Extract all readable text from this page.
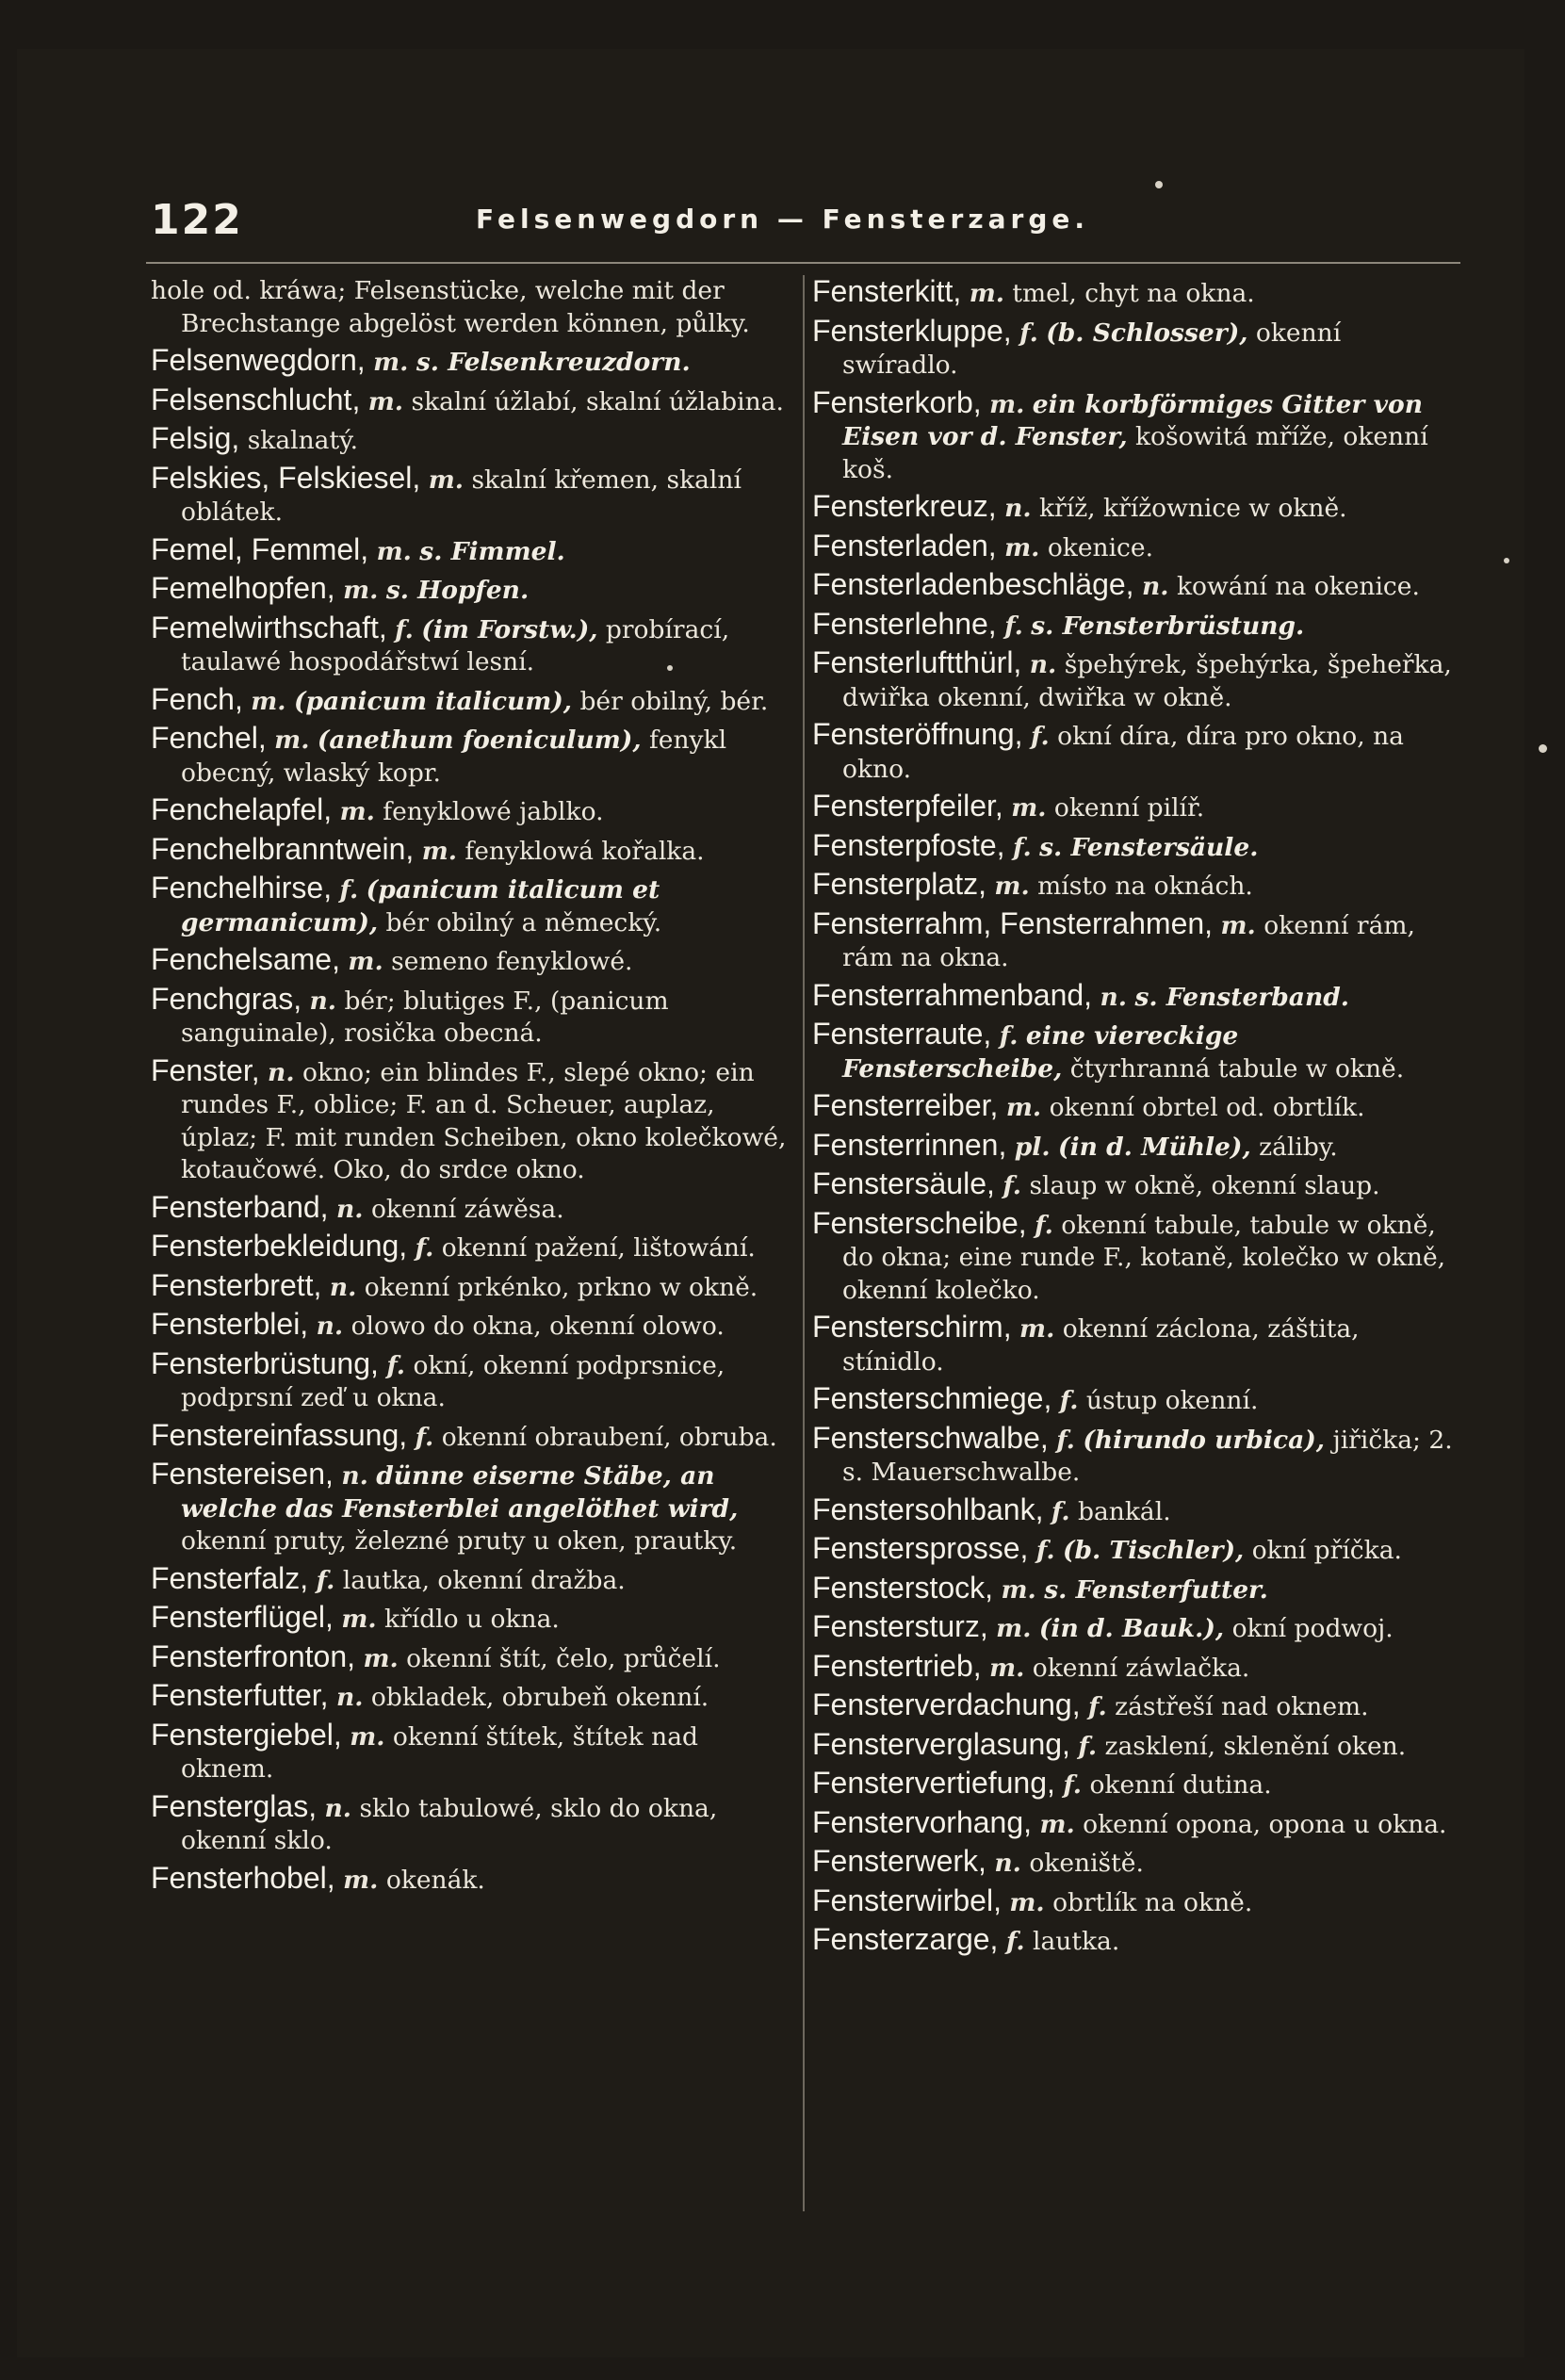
122	Felsenwegdorn — Fensterzarge.
hole od. kráwa; Felsenstücke, welche mit der Brechstange abgelöst werden können, půlky.
Felsenwegdorn, m. s. Felsenkreuzdorn.
Felsenschlucht, m. skalní úžlabí, skalní úžlabina.
Felsig, skalnatý.
Felskies, Felskiesel, m. skalní křemen, skalní oblátek.
Femel, Femmel, m. s. Fimmel.
Femelhopfen, m. s. Hopfen.
Femelwirthschaft, f. (im Forstw.), probírací, taulawé hospodářstwí lesní.
Fench, m. (panicum italicum), bér obilný, bér.
Fenchel, m. (anethum foeniculum), fenykl obecný, wlaský kopr.
Fenchelapfel, m. fenyklowé jablko.
Fenchelbranntwein, m. fenyklowá kořalka.
Fenchelhirse, f. (panicum italicum et germanicum), bér obilný a německý.
Fenchelsame, m. semeno fenyklowé.
Fenchgras, n. bér; blutiges F., (panicum sanguinale), rosička obecná.
Fenster, n. okno; ein blindes F., slepé okno; ein rundes F., oblice; F. an d. Scheuer, auplaz, úplaz; F. mit runden Scheiben, okno kolečkowé, kotaučowé. Oko, do srdce okno.
Fensterband, n. okenní záwěsa.
Fensterbekleidung, f. okenní pažení, lištowání.
Fensterbrett, n. okenní prkénko, prkno w okně.
Fensterblei, n. olowo do okna, okenní olowo.
Fensterbrüstung, f. okní, okenní podprsnice, podprsní zeď u okna.
Fenstereinfassung, f. okenní obraubení, obruba.
Fenstereisen, n. dünne eiserne Stäbe, an welche das Fensterblei angelöthet wird, okenní pruty, železné pruty u oken, prautky.
Fensterfalz, f. lautka, okenní dražba.
Fensterflügel, m. křídlo u okna.
Fensterfronton, m. okenní štít, čelo, průčelí.
Fensterfutter, n. obkladek, obrubeň okenní.
Fenstergiebel, m. okenní štítek, štítek nad oknem.
Fensterglas, n. sklo tabulowé, sklo do okna, okenní sklo.
Fensterhobel, m. okenák.
Fensterkitt, m. tmel, chyt na okna.
Fensterkluppe, f. (b. Schlosser), okenní swíradlo.
Fensterkorb, m. ein korbförmiges Gitter von Eisen vor d. Fenster, košowitá mříže, okenní koš.
Fensterkreuz, n. kříž, křížownice w okně.
Fensterladen, m. okenice.
Fensterladenbeschläge, n. kowání na okenice.
Fensterlehne, f. s. Fensterbrüstung.
Fensterluftthürl, n. špehýrek, špehýrka, špeheřka, dwiřka okenní, dwiřka w okně.
Fensteröffnung, f. okní díra, díra pro okno, na okno.
Fensterpfeiler, m. okenní pilíř.
Fensterpfoste, f. s. Fenstersäule.
Fensterplatz, m. místo na oknách.
Fensterrahm, Fensterrahmen, m. okenní rám, rám na okna.
Fensterrahmenband, n. s. Fensterband.
Fensterraute, f. eine viereckige Fensterscheibe, čtyrhranná tabule w okně.
Fensterreiber, m. okenní obrtel od. obrtlík.
Fensterrinnen, pl. (in d. Mühle), záliby.
Fenstersäule, f. slaup w okně, okenní slaup.
Fensterscheibe, f. okenní tabule, tabule w okně, do okna; eine runde F., kotaně, kolečko w okně, okenní kolečko.
Fensterschirm, m. okenní záclona, záštita, stínidlo.
Fensterschmiege, f. ústup okenní.
Fensterschwalbe, f. (hirundo urbica), jiřička; 2. s. Mauerschwalbe.
Fenstersohlbank, f. bankál.
Fenstersprosse, f. (b. Tischler), okní příčka.
Fensterstock, m. s. Fensterfutter.
Fenstersturz, m. (in d. Bauk.), okní podwoj.
Fenstertrieb, m. okenní záwlačka.
Fensterverdachung, f. zástřeší nad oknem.
Fensterverglasung, f. zasklení, sklenění oken.
Fenstervertiefung, f. okenní dutina.
Fenstervorhang, m. okenní opona, opona u okna.
Fensterwerk, n. okeniště.
Fensterwirbel, m. obrtlík na okně.
Fensterzarge, f. lautka.
